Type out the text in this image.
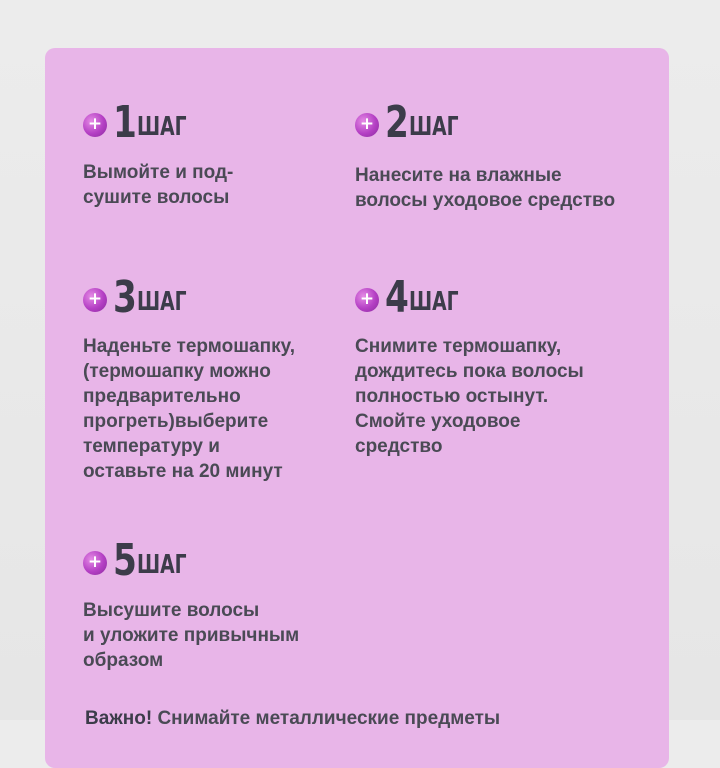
+ 1 ШАГ

Вымойте и под-
сушите волосы

+ 2 ШАГ

Нанесите на влажные
волосы уходовое средство

+ 3 ШАГ

Наденьте термошапку,
(термошапку можно
предварительно
прогреть)выберите
температуру и
оставьте на 20 минут

+ 4 ШАГ

Снимите термошапку,
дождитесь пока волосы
полностью остынут.
Смойте уходовое
средство

+ 5 ШАГ

Высушите волосы
и уложите привычным
образом

Важно! Снимайте металлические предметы
